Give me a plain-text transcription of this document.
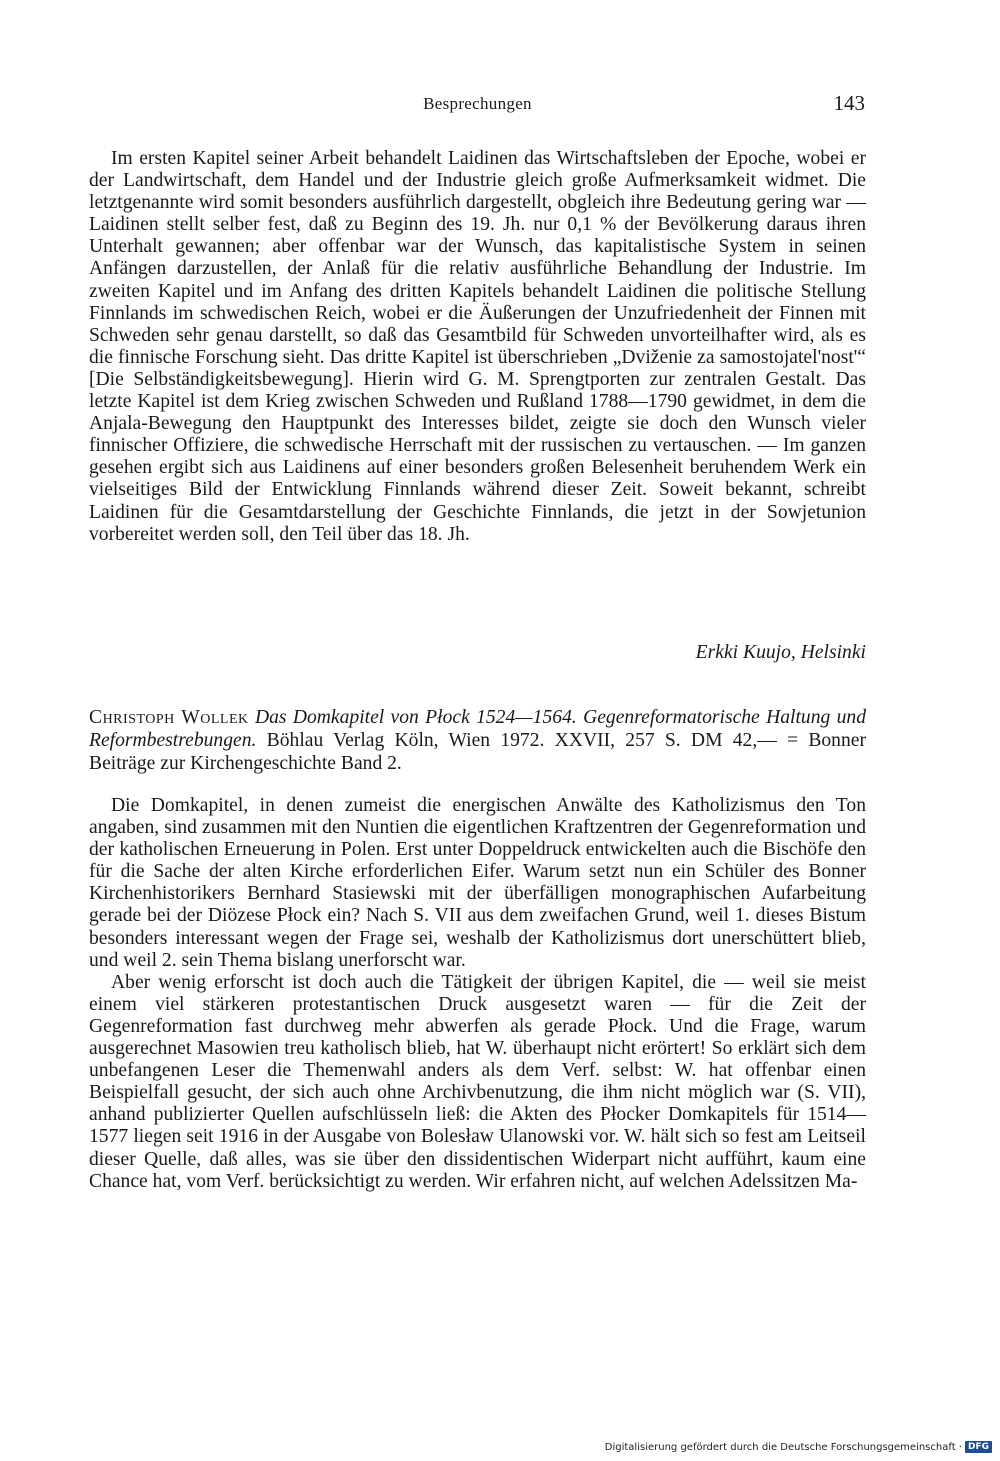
Besprechungen	143

Im ersten Kapitel seiner Arbeit behandelt Laidinen das Wirtschaftsleben der Epoche, wobei er der Landwirtschaft, dem Handel und der Industrie gleich große Aufmerksamkeit widmet. Die letztgenannte wird somit besonders ausführlich dargestellt, obgleich ihre Bedeutung gering war — Laidinen stellt selber fest, daß zu Beginn des 19. Jh. nur 0,1 % der Bevölkerung daraus ihren Unterhalt gewannen; aber offenbar war der Wunsch, das kapitalistische System in seinen Anfängen darzustellen, der Anlaß für die relativ ausführliche Behandlung der Industrie. Im zweiten Kapitel und im Anfang des dritten Kapitels behandelt Laidinen die politische Stellung Finnlands im schwedischen Reich, wobei er die Äußerungen der Unzufriedenheit der Finnen mit Schweden sehr genau darstellt, so daß das Gesamtbild für Schweden unvorteilhafter wird, als es die finnische Forschung sieht. Das dritte Kapitel ist überschrieben „Dviženie za samostojatel'nost'“ [Die Selbständigkeitsbewegung]. Hierin wird G. M. Sprengtporten zur zentralen Gestalt. Das letzte Kapitel ist dem Krieg zwischen Schweden und Rußland 1788—1790 gewidmet, in dem die Anjala-Bewegung den Hauptpunkt des Interesses bildet, zeigte sie doch den Wunsch vieler finnischer Offiziere, die schwedische Herrschaft mit der russischen zu vertauschen. — Im ganzen gesehen ergibt sich aus Laidinens auf einer besonders großen Belesenheit beruhendem Werk ein vielseitiges Bild der Entwicklung Finnlands während dieser Zeit. Soweit bekannt, schreibt Laidinen für die Gesamtdarstellung der Geschichte Finnlands, die jetzt in der Sowjetunion vorbereitet werden soll, den Teil über das 18. Jh.

Erkki Kuujo, Helsinki
Christoph Wollek Das Domkapitel von Płock 1524—1564. Gegenreformatorische Haltung und Reformbestrebungen. Böhlau Verlag Köln, Wien 1972. XXVII, 257 S. DM 42,— = Bonner Beiträge zur Kirchengeschichte Band 2.

Die Domkapitel, in denen zumeist die energischen Anwälte des Katholizismus den Ton angaben, sind zusammen mit den Nuntien die eigentlichen Kraftzentren der Gegenreformation und der katholischen Erneuerung in Polen. Erst unter Doppeldruck entwickelten auch die Bischöfe den für die Sache der alten Kirche erforderlichen Eifer. Warum setzt nun ein Schüler des Bonner Kirchenhistorikers Bernhard Stasiewski mit der überfälligen monographischen Aufarbeitung gerade bei der Diözese Płock ein? Nach S. VII aus dem zweifachen Grund, weil 1. dieses Bistum besonders interessant wegen der Frage sei, weshalb der Katholizismus dort unerschüttert blieb, und weil 2. sein Thema bislang unerforscht war.

Aber wenig erforscht ist doch auch die Tätigkeit der übrigen Kapitel, die — weil sie meist einem viel stärkeren protestantischen Druck ausgesetzt waren — für die Zeit der Gegenreformation fast durchweg mehr abwerfen als gerade Płock. Und die Frage, warum ausgerechnet Masowien treu katholisch blieb, hat W. überhaupt nicht erörtert! So erklärt sich dem unbefangenen Leser die Themenwahl anders als dem Verf. selbst: W. hat offenbar einen Beispielfall gesucht, der sich auch ohne Archivbenutzung, die ihm nicht möglich war (S. VII), anhand publizierter Quellen aufschlüsseln ließ: die Akten des Płocker Domkapitels für 1514—1577 liegen seit 1916 in der Ausgabe von Bolesław Ulanowski vor. W. hält sich so fest am Leitseil dieser Quelle, daß alles, was sie über den dissidentischen Widerpart nicht aufführt, kaum eine Chance hat, vom Verf. berücksichtigt zu werden. Wir erfahren nicht, auf welchen Adelssitzen Ma-

Digitalisierung gefördert durch die Deutsche Forschungsgemeinschaft · DFG
